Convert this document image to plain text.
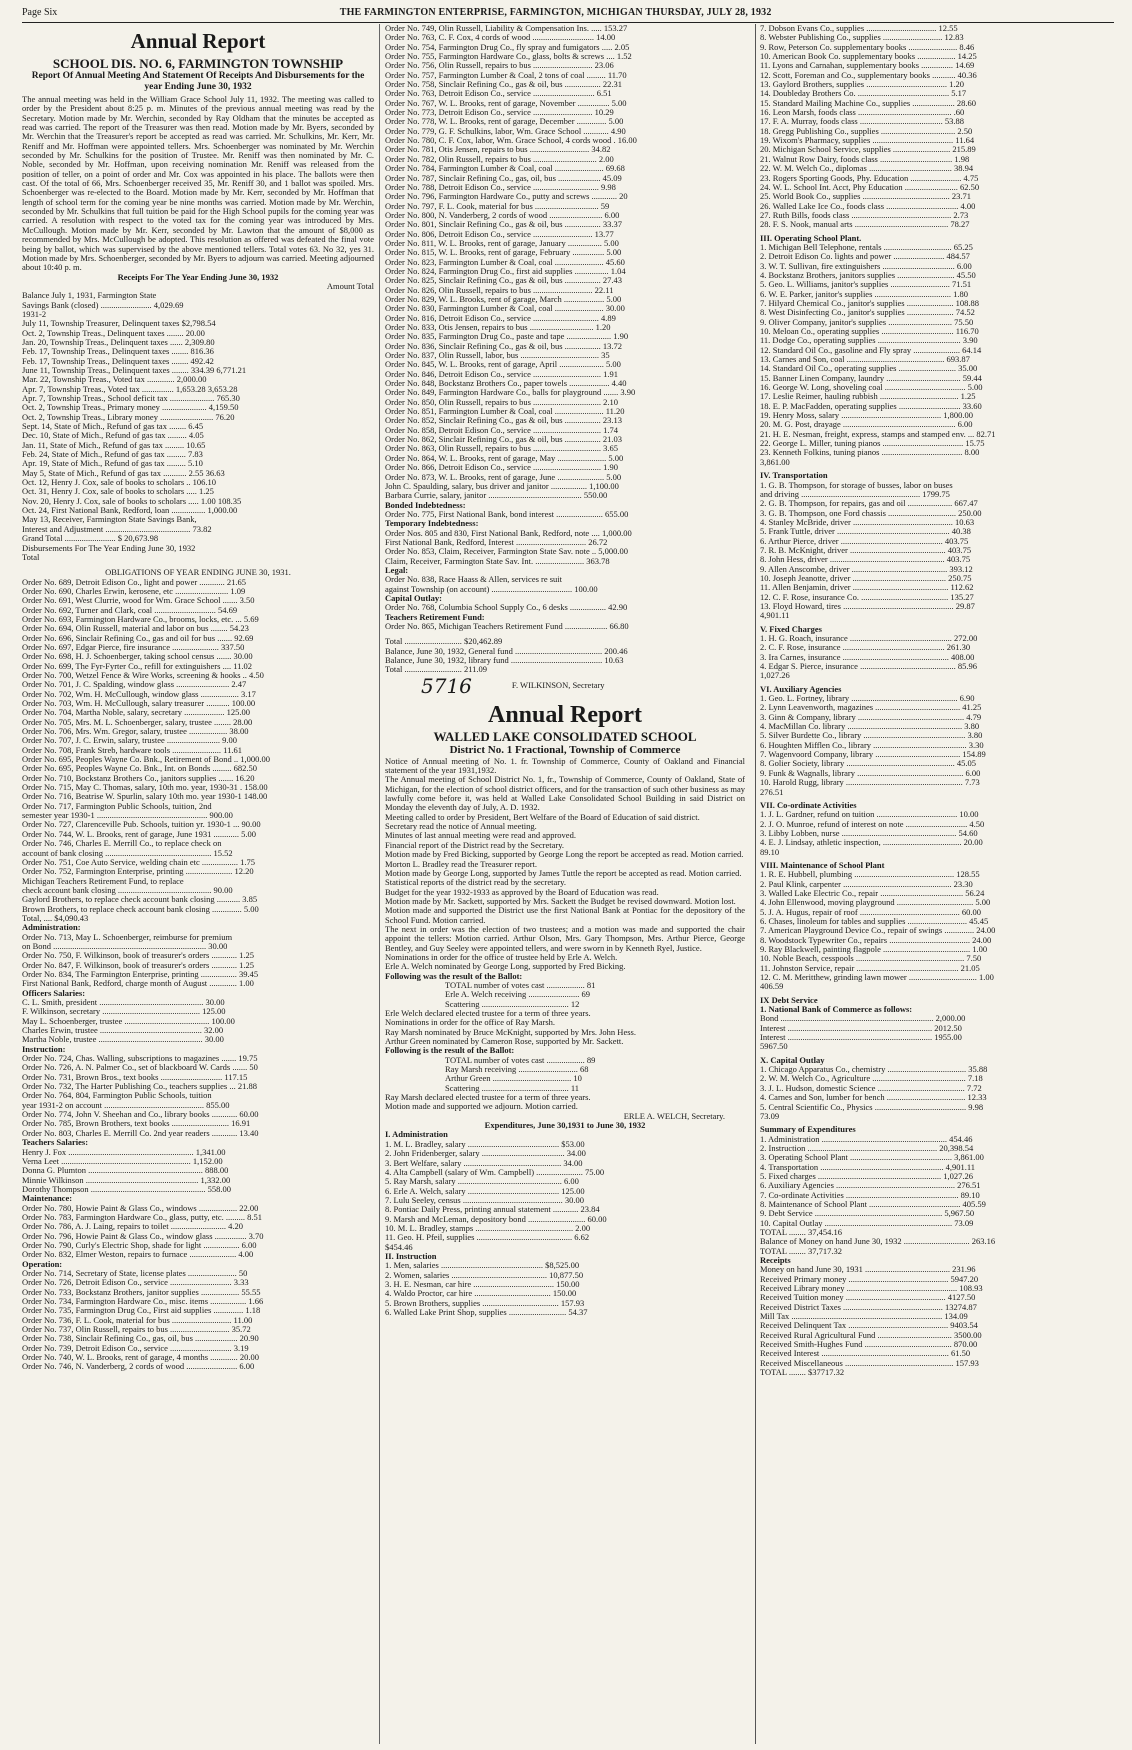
Page Six	THE FARMINGTON ENTERPRISE, FARMINGTON, MICHIGAN THURSDAY, JULY 28, 1932
Annual Report
SCHOOL DIS. NO. 6, FARMINGTON TOWNSHIP
Report Of Annual Meeting And Statement Of Receipts And Disbursements for the year Ending June 30, 1932
The annual meeting was held in the William Grace School July 11, 1932. The meeting was called to order by the President about 8:25 p. m. Minutes of the previous annual meeting was read by the Secretary. Motion made by Mr. Werchin, seconded by Ray Oldham that the minutes be accepted as read was carried. The report of the Treasurer was then read. Motion made by Mr. Byers, seconded by Mr. Werchin that the Treasurer's report be accepted as read was carried. Mr. Schulkins, Mr. Kerr, Mr. Reniff and Mr. Hoffman were appointed tellers. Mrs. Schoenberger was nominated by Mr. Werchin seconded by Mr. Schulkins for the position of Trustee. Mr. Reniff was then nominated by Mr. C. Noble, seconded by Mr. Hoffman, upon receiving nomination Mr. Reniff was released from the position of teller, on a point of order and Mr. Cox was appointed in his place. The ballots were then cast. Of the total of 66, Mrs. Schoenberger received 35, Mr. Reniff 30, and 1 ballot was spoiled. Mrs. Schoenberger was re-elected to the Board. Motion made by Mr. Kerr, seconded by Mr. Hoffman that length of school term for the coming year be nine months was carried. Motion made by Mr. Werchin, seconded by Mr. Schulkins that full tuition be paid for the High School pupils for the coming year was carried. A resolution with respect to the voted tax for the coming year was introduced by Mrs. McCullough. Motion made by Mr. Kerr, seconded by Mr. Lawton that the amount of $8,000 as recommended by Mrs. McCullough be adopted. This resolution as offered was defeated the final vote being by ballot, which was supervised by the above mentioned tellers. Total votes 63. No 32, yes 31. Motion made by Mrs. Schoenberger, seconded by Mr. Byers to adjourn was carried. Meeting adjourned about 10:40 p. m.
Receipts For The Year Ending June 30, 1932
Amount Total
Balance July 1, 1931, Farmington State
Savings Bank (closed) ........................ 4,029.69
1931-2
July 11, Township Treasurer, Delinquent taxes $2,798.54
Oct. 2, Township Treas., Delinquent taxes ........ 20.00
Jan. 20, Township Treas., Delinquent taxes ...... 2,309.80
Feb. 17, Township Treas., Delinquent taxes ........ 816.36
Feb. 17, Township Treas., Delinquent taxes ........ 492.42
June 11, Township Treas., Delinquent taxes ........ 334.39 6,771.21
Mar. 22, Township Treas., Voted tax ............. 2,000.00
Apr. 7, Township Treas., Voted tax ............... 1,653.28 3,653.28
Apr. 7, Township Treas., School deficit tax ..................... 765.30
Oct. 2, Township Treas., Primary money ..................... 4,159.50
Oct. 2, Township Treas., Library money ......................... 76.20
Sept. 14, State of Mich., Refund of gas tax ........ 6.45
Dec. 10, State of Mich., Refund of gas tax ......... 4.05
Jan. 11, State of Mich., Refund of gas tax ......... 10.65
Feb. 24, State of Mich., Refund of gas tax ......... 7.83
Apr. 19, State of Mich., Refund of gas tax ......... 5.10
May 5, State of Mich., Refund of gas tax ........... 2.55 36.63
Oct. 12, Henry J. Cox, sale of books to scholars .. 106.10
Oct. 31, Henry J. Cox, sale of books to scholars ..... 1.25
Nov. 20, Henry J. Cox, sale of books to scholars ..... 1.00 108.35
Oct. 24, First National Bank, Redford, loan ................ 1,000.00
May 13, Receiver, Farmington State Savings Bank,
Interest and Adjustment ........................................ 73.82
Grand Total ........................ $ 20,673.98
Disbursements For The Year Ending June 30, 1932
Total
OBLIGATIONS OF YEAR ENDING JUNE 30, 1931.
Order No. 689, Detroit Edison Co., light and power ............ 21.65
Order No. 690, Charles Erwin, kerosene, etc ......................... 1.09
Order No. 691, West Clurrie, wood for Wm. Grace School ....... 3.50
Order No. 692, Turner and Clark, coal ............................. 54.69
Order No. 693, Farmington Hardware Co., brooms, locks, etc. ... 5.69
Order No. 694, Olin Russell, material and labor on bus ........ 54.23
Order No. 696, Sinclair Refining Co., gas and oil for bus ....... 92.69
Order No. 697, Edgar Pierce, fire insurance ...................... 337.50
Order No. 698, H. J. Schoenberger, taking school census ....... 30.00
Order No. 699, The Fyr-Fyrter Co., refill for extinguishers .... 11.02
Order No. 700, Wetzel Fence & Wire Works, screening & hooks .. 4.50
Order No. 701, J. C. Spalding, window glass ......................... 2.47
Order No. 702, Wm. H. McCullough, window glass .................. 3.17
Order No. 703, Wm. H. McCullough, salary treasurer ........... 100.00
Order No. 704, Martha Noble, salary, secretary ................... 125.00
Order No. 705, Mrs. M. L. Schoenberger, salary, trustee ........ 28.00
Order No. 706, Mrs. Wm. Gregor, salary, trustee .................. 38.00
Order No. 707, J. C. Erwin, salary, trustee ......................... 9.00
Order No. 708, Frank Streb, hardware tools ....................... 11.61
Order No. 695, Peoples Wayne Co. Bnk., Retirement of Bond .. 1,000.00
Order No. 695, Peoples Wayne Co. Bnk., Int. on Bonds ......... 682.50
Order No. 710, Bockstanz Brothers Co., janitors supplies ....... 16.20
Order No. 715, May C. Thomas, salary, 10th mo. year, 1930-31 . 158.00
Order No. 716, Beatrise W. Spurlin, salary 10th mo. year 1930-1 148.00
Order No. 717, Farmington Public Schools, tuition, 2nd
semester year 1930-1 .................................................... 900.00
Order No. 727, Clarenceville Pub. Schools, tuition yr. 1930-1 ... 90.00
Order No. 744, W. L. Brooks, rent of garage, June 1931 ............ 5.00
Order No. 746, Charles E. Merrill Co., to replace check on
account of bank closing .................................................. 15.52
Order No. 751, Coe Auto Service, welding chain etc ................. 1.75
Order No. 752, Farmington Enterprise, printing ...................... 12.20
Michigan Teachers Retirement Fund, to replace
check account bank closing ............................................ 90.00
Gaylord Brothers, to replace check account bank closing ........... 3.85
Brown Brothers, to replace check account bank closing .............. 5.00
Total, .... $4,090.43
Administration:
Order No. 713, May L. Schoenberger, reimburse for premium
on Bond ........................................................................ 30.00
Order No. 750, F. Wilkinson, book of treasurer's orders ............ 1.25
Order No. 847, F. Wilkinson, book of treasurer's orders ............ 1.25
Order No. 834, The Farmington Enterprise, printing ................. 39.45
First National Bank, Redford, charge month of August ............. 1.00
Officers Salaries:
C. L. Smith, president ................................................. 30.00
F. Wilkinson, secretary .............................................. 125.00
May L. Schoenberger, trustee ........................................ 100.00
Charles Erwin, trustee ................................................ 32.00
Martha Noble, trustee ................................................. 30.00
Instruction:
Order No. 724, Chas. Walling, subscriptions to magazines ....... 19.75
Order No. 726, A. N. Palmer Co., set of blackboard W. Cards ....... 50
Order No. 731, Brown Bros., text books ............................. 117.15
Order No. 732, The Harter Publishing Co., teachers supplies ... 21.88
Order No. 764, 804, Farmington Public Schools, tuition
year 1931-2 on account ............................................... 855.00
Order No. 774, John V. Sheehan and Co., library books ............ 60.00
Order No. 785, Brown Brothers, text books ........................... 16.91
Order No. 803, Charles E. Merrill Co. 2nd year readers ............ 13.40
Teachers Salaries:
Henry J. Fox ........................................................... 1,341.00
Verna Leet ............................................................. 1,152.00
Donna G. Plumton ...................................................... 888.00
Minnie Wilkinson ..................................................... 1,332.00
Dorothy Thompson ...................................................... 558.00
Maintenance:
Order No. 780, Howie Paint & Glass Co., windows .................. 22.00
Order No. 783, Farmington Hardware Co., glass, putty, etc. ......... 8.51
Order No. 786, A. J. Laing, repairs to toilet .......................... 4.20
Order No. 796, Howie Paint & Glass Co., window glass ............... 3.70
Order No. 790, Curly's Electric Shop, shade for light ................. 6.00
Order No. 832, Elmer Weston, repairs to furnace ...................... 4.00
Operation:
Order No. 714, Secretary of State, license plates ....................... 50
Order No. 726, Detroit Edison Co., service ............................. 3.33
Order No. 733, Bockstanz Brothers, janitor supplies .................. 55.55
Order No. 734, Farmington Hardware Co., misc. items ................. 1.66
Order No. 735, Farmington Drug Co., First aid supplies .............. 1.18
Order No. 736, F. L. Cook, material for bus ............................ 11.00
Order No. 737, Olin Russell, repairs to bus ............................ 35.72
Order No. 738, Sinclair Refining Co., gas, oil, bus .................... 20.90
Order No. 739, Detroit Edison Co., service ............................. 3.19
Order No. 740, W. L. Brooks, rent of garage, 4 months ............. 20.00
Order No. 746, N. Vanderberg, 2 cords of wood ........................ 6.00
Order No. 749, Olin Russell, Liability & Compensation Ins. ..... 153.27
Order No. 763, C. F. Cox, 4 cords of wood ............................. 14.00
Order No. 754, Farmington Drug Co., fly spray and fumigators ..... 2.05
Order No. 755, Farmington Hardware Co., glass, bolts & screws .... 1.52
Order No. 756, Olin Russell, repairs to bus ............................ 23.06
Order No. 757, Farmington Lumber & Coal, 2 tons of coal ......... 11.70
Order No. 758, Sinclair Refining Co., gas & oil, bus ................. 22.31
Order No. 763, Detroit Edison Co., service ............................. 6.51
Order No. 767, W. L. Brooks, rent of garage, November ............... 5.00
Order No. 773, Detroit Edison Co., service ............................ 10.29
Order No. 778, W. L. Brooks, rent of garage, December .............. 5.00
Order No. 779, G. F. Schulkins, labor, Wm. Grace School ............ 4.90
Order No. 780, C. F. Cox, labor, Wm. Grace School, 4 cords wood . 16.00
Order No. 781, Otis Jensen, repairs to bus ............................ 34.82
Order No. 782, Olin Russell, repairs to bus .............................. 2.00
Order No. 784, Farmington Lumber & Coal, coal ....................... 69.68
Order No. 787, Sinclair Refining Co., gas, oil, bus .................... 45.09
Order No. 788, Detroit Edison Co., service ............................... 9.98
Order No. 796, Farmington Hardware Co., putty and screws ............ 20
Order No. 797, F. L. Cook, material for bus .............................. 59
Order No. 800, N. Vanderberg, 2 cords of wood ......................... 6.00
Order No. 801, Sinclair Refining Co., gas & oil, bus ................. 33.37
Order No. 806, Detroit Edison Co., service ............................ 13.77
Order No. 811, W. L. Brooks, rent of garage, January ................ 5.00
Order No. 815, W. L. Brooks, rent of garage, February ............... 5.00
Order No. 823, Farmington Lumber & Coal, coal ....................... 45.60
Order No. 824, Farmington Drug Co., first aid supplies ................ 1.04
Order No. 825, Sinclair Refining Co., gas & oil, bus ................. 27.43
Order No. 826, Olin Russell, repairs to bus ............................ 22.11
Order No. 829, W. L. Brooks, rent of garage, March ................... 5.00
Order No. 830, Farmington Lumber & Coal, coal ....................... 30.00
Order No. 816, Detroit Edison Co., service ............................... 4.89
Order No. 833, Otis Jensen, repairs to bus .............................. 1.20
Order No. 835, Farmington Drug Co., paste and tape ..................... 1.90
Order No. 836, Sinclair Refining Co., gas & oil, bus ................. 13.72
Order No. 837, Olin Russell, labor, bus ..................................... 35
Order No. 845, W. L. Brooks, rent of garage, April ..................... 5.00
Order No. 846, Detroit Edison Co., service ................................ 1.91
Order No. 848, Bockstanz Brothers Co., paper towels ................... 4.40
Order No. 849, Farmington Hardware Co., balls for playground ....... 3.90
Order No. 850, Olin Russell, repairs to bus ................................ 2.10
Order No. 851, Farmington Lumber & Coal, coal ....................... 11.20
Order No. 852, Sinclair Refining Co., gas & oil, bus ................. 23.13
Order No. 858, Detroit Edison Co., service ................................ 1.74
Order No. 862, Sinclair Refining Co., gas & oil, bus ................. 21.03
Order No. 863, Olin Russell, repairs to bus ................................ 3.65
Order No. 864, W. L. Brooks, rent of garage, May ....................... 5.00
Order No. 866, Detroit Edison Co., service ................................ 1.90
Order No. 873, W. L. Brooks, rent of garage, June ...................... 5.00
John C. Spaulding, salary, bus driver and janitor ................. 1,100.00
Barbara Currie, salary, janitor ............................................ 550.00
Bonded Indebtedness:
Order No. 775, First National Bank, bond interest ...................... 655.00
Temporary Indebtedness:
Order Nos. 805 and 830, First National Bank, Redford, note .... 1,000.00
First National Bank, Redford, Interest ................................. 26.72
Order No. 853, Claim, Receiver, Farmington State Sav. note .. 5,000.00
Claim, Receiver, Farmington State Sav. Int. ....................... 363.78
Legal:
Order No. 838, Race Haass & Allen, services re suit
against Township (on account) ...................................... 100.00
Capital Outlay:
Order No. 768, Columbia School Supply Co., 6 desks ................. 42.90
Teachers Retirement Fund:
Order No. 865, Michigan Teachers Retirement Fund .................... 66.80
Total ........................... $20,462.89
Balance, June 30, 1932, General fund ......................................... 200.46
Balance, June 30, 1932, library fund ........................................... 10.63
Total ........................... 211.09
5716	F. WILKINSON, Secretary
Annual Report
WALLED LAKE CONSOLIDATED SCHOOL
District No. 1 Fractional, Township of Commerce
Notice of Annual meeting of No. 1. fr. Township of Commerce, County of Oakland and Financial statement of the year 1931,1932.
The Annual meeting of School District No. 1, fr., Township of Commerce, County of Oakland, State of Michigan, for the election of school district officers, and for the transaction of such other business as may lawfully come before it, was held at Walled Lake Consolidated School Building in said District on Monday the eleventh day of July, A. D. 1932.
Meeting called to order by President, Bert Welfare of the Board of Education of said district.
Secretary read the notice of Annual meeting.
Minutes of last annual meeting were read and approved.
Financial report of the District read by the Secretary.
Motion made by Fred Bicking, supported by George Long the report be accepted as read. Motion carried.
Morton L. Bradley read the Treasurer report.
Motion made by George Long, supported by James Tuttle the report be accepted as read. Motion carried.
Statistical reports of the district read by the secretary.
Budget for the year 1932-1933 as approved by the Board of Education was read.
Motion made by Mr. Sackett, supported by Mrs. Sackett the Budget be revised downward. Motion lost.
Motion made and supported the District use the first National Bank at Pontiac for the depository of the School Fund. Motion carried.
The next in order was the election of two trustees; and a motion was made and supported the chair appoint the tellers: Motion carried. Arthur Olson, Mrs. Gary Thompson, Mrs. Arthur Pierce, George Bentley, and Guy Seeley were appointed tellers, and were sworn in by Kenneth Ryel, Justice.
Nominations in order for the office of trustee held by Erle A. Welch.
Erle A. Welch nominated by George Long, supported by Fred Bicking.
Following was the result of the Ballot:
TOTAL number of votes cast .................. 81
Erle A. Welch receiving ........................ 69
Scattering ......................................... 12
Erle Welch declared elected trustee for a term of three years.
Nominations in order for the office of Ray Marsh.
Ray Marsh nominated by Bruce McKnight, supported by Mrs. John Hess.
Arthur Green nominated by Cameron Rose, supported by Mr. Sackett.
Following is the result of the Ballot:
TOTAL number of votes cast .................. 89
Ray Marsh receiving ............................ 68
Arthur Green ..................................... 10
Scattering ......................................... 11
Ray Marsh declared elected trustee for a term of three years.
Motion made and supported we adjourn. Motion carried.
ERLE A. WELCH, Secretary.
Expenditures, June 30,1931 to June 30, 1932
I. Administration
1. M. L. Bradley, salary ........................................... $53.00
2. John Fridenberger, salary ....................................... 34.00
3. Bert Welfare, salary .............................................. 34.00
4. Alta Campbell (salary of Wm. Campbell) ...................... 75.00
5. Ray Marsh, salary ................................................. 6.00
6. Erle A. Welch, salary ........................................... 125.00
7. Lulu Seeley, census ............................................... 30.00
8. Pontiac Daily Press, printing annual statement ............ 23.84
9. Marsh and McLeman, depository bond ........................... 60.00
10. M. L. Bradley, stamps .............................................. 2.00
11. Geo. H. Pfeil, supplies ............................................. 6.62
$454.46
II. Instruction
1. Men, salaries ................................................ $8,525.00
2. Women, salaries ............................................. 10,877.50
3. H. E. Nesman, car hire ...................................... 150.00
4. Waldo Proctor, car hire .................................... 150.00
5. Brown Brothers, supplies .................................... 157.93
6. Walled Lake Print Shop, supplies ........................... 54.37
7. Dobson Evans Co., supplies ................................. 12.55
8. Webster Publishing Co., supplies ............................ 12.83
9. Row, Peterson Co. supplementary books ....................... 8.46
10. American Book Co. supplementary books .................. 14.25
11. Lyons and Carnahan, supplementary books ............... 14.69
12. Scott, Foreman and Co., supplementary books ........... 40.36
13. Gaylord Brothers, supplies ...................................... 1.20
14. Doubleday Brothers Co. ........................................... 5.17
15. Standard Mailing Machine Co., supplies .................... 28.60
16. Leon Marsh, foods class ............................................ .60
17. F. A. Murray, foods class ....................................... 53.88
18. Gregg Publishing Co., supplies ................................... 2.50
19. Wixom's Pharmacy, supplies ...................................... 11.64
20. Michigan School Service, supplies ........................... 215.89
21. Walnut Row Dairy, foods class .................................. 1.98
22. W. M. Welch Co., diplomas ....................................... 38.94
23. Rogers Sporting Goods, Phy. Education ........................ 4.75
24. W. L. School Int. Acct, Phy Education ......................... 62.50
25. World Book Co., supplies ......................................... 23.71
26. Walled Lake Ice Co., foods class .................................. 4.00
27. Ruth Bills, foods class ............................................... 2.73
28. F. S. Nook, manual arts ............................................ 78.27
III. Operating School Plant.
1. Michigan Bell Telephone, rentals ................................ 65.25
2. Detroit Edison Co. lights and power ........................ 484.57
3. W. T. Sullivan, fire extinguishers .................................. 6.00
4. Bockstanz Brothers, janitors supplies ........................... 45.50
5. Geo. L. Williams, janitor's supplies ............................ 71.51
6. W. E. Parker, janitor's supplies .................................... 1.80
7. Hilyard Chemical Co., janitor's supplies ...................... 108.88
8. West Disinfecting Co., janitor's supplies ...................... 74.52
9. Oliver Company, janitor's supplies .............................. 75.50
10. Meloan Co., operating supplies .................................. 116.70
11. Dodge Co., operating supplies ....................................... 3.90
12. Standard Oil Co., gasoline and Fly spray ...................... 64.14
13. Carnes and Son, coal .............................................. 693.87
14. Standard Oil Co., operating supplies ........................... 35.00
15. Banner Linen Company, laundry ................................... 59.44
16. George W. Long, shoveling coal ...................................... 5.00
17. Leslie Reimer, hauling rubbish ..................................... 1.25
18. E. P. MacFadden, operating supplies ............................. 33.60
19. Henry Moss, salary ............................................... 1,800.00
20. M. G. Post, drayage ..................................................... 6.00
21. H. E. Nesman, freight, express, stamps and stamped env. ... 82.71
22. George L. Miller, tuning pianos ...................................... 15.75
23. Kenneth Folkins, tuning pianos ...................................... 8.00
3,861.00
IV. Transportation
1. G. B. Thompson, for storage of busses, labor on buses
and driving ........................................................ 1799.75
2. G. B. Thompson, for repairs, gas and oil ..................... 667.47
3. G. B. Thompson, one Ford chassis ................................ 250.00
4. Stanley McBride, driver ............................................... 10.63
5. Frank Tuttle, driver ..................................................... 40.38
6. Arthur Pierce, driver ................................................ 403.75
7. R. B. McKnight, driver ............................................. 403.75
8. John Hess, driver ...................................................... 403.75
9. Allen Anscombe, driver ............................................. 393.12
10. Joseph Jeanotte, driver ............................................ 250.75
11. Allen Benjamin, driver ............................................. 112.62
12. C. F. Rose, insurance Co. ......................................... 135.27
13. Floyd Howard, tires .................................................... 29.87
4,901.11
V. Fixed Charges
1. H. G. Roach, insurance ................................................ 272.00
2. C. F. Rose, insurance ................................................ 261.30
3. Ira Carnes, insurance .................................................. 408.00
4. Edgar S. Pierce, insurance ............................................. 85.96
1,027.26
VI. Auxiliary Agencies
1. Geo. L. Fortney, library .................................................. 6.90
2. Lynn Leavenworth, magazines ........................................ 41.25
3. Ginn & Company, library .................................................. 4.79
4. MacMillan Co. library ...................................................... 3.80
5. Silver Burdette Co., library ................................................ 3.80
6. Houghten Mifflen Co., library ............................................ 3.30
7. Wagenvoord Company, library ........................................ 154.89
8. Golier Society, library ................................................... 45.05
9. Funk & Wagnalls, library .................................................. 6.00
10. Harold Rugg, library ....................................................... 7.73
276.51
VII. Co-ordinate Activities
1. J. L. Gardner, refund on tuition ...................................... 10.00
2. J. O. Munroe, refund of interest on note ............................. 4.50
3. Libby Lobben, nurse ...................................................... 54.60
4. E. J. Lindsay, athletic inspection, ..................................... 20.00
89.10
VIII. Maintenance of School Plant
1. R. E. Hubbell, plumbing ............................................... 128.55
2. Paul Klink, carpenter ................................................... 23.30
3. Walled Lake Electric Co., repair ....................................... 56.24
4. John Ellenwood, moving playground .................................... 5.00
5. J. A. Hugus, repair of roof ............................................... 60.00
6. Chases, linoleum for tables and supplies ............................ 45.45
7. American Playground Device Co., repair of swings .............. 24.00
8. Woodstock Typewriter Co., repairs ...................................... 24.00
9. Ray Blackwell, painting flagpole ......................................... 1.00
10. Noble Beach, cesspools ................................................... 7.50
11. Johnston Service, repair ................................................ 21.05
12. C. M. Meritthew, grinding lawn mower ................................ 1.00
406.59
IX Debt Service
1. National Bank of Commerce as follows:
Bond ........................................................................ 2,000.00
Interest .................................................................... 2012.50
Interest .................................................................... 1955.00
5967.50
X. Capital Outlay
1. Chicago Apparatus Co., chemistry ..................................... 35.88
2. W. M. Welch Co., Agriculture ............................................ 7.18
3. J. L. Hudson, domestic Science ......................................... 7.72
4. Carnes and Son, lumber for bench ..................................... 12.33
5. Central Scientific Co., Physics ........................................... 9.98
73.09
Summary of Expenditures
1. Administration ........................................................... 454.46
2. Instruction ............................................................. 20,398.54
3. Operating School Plant ................................................ 3,861.00
4. Transportation .......................................................... 4,901.11
5. Fixed charges .......................................................... 1,027.26
6. Auxiliary Agencies ........................................................ 276.51
7. Co-ordinate Activities ..................................................... 89.10
8. Maintenance of School Plant ........................................... 405.59
9. Debt Service ............................................................ 5,967.50
10. Capital Outlay ............................................................ 73.09
TOTAL ........ 37,454.16
Balance of Money on hand June 30, 1932 ............................... 263.16
TOTAL ........ 37,717.32
Receipts
Money on hand June 30, 1931 ........................................ 231.96
Received Primary money ............................................... 5947.20
Received Library money .................................................... 108.93
Received Tuition money ............................................... 4127.50
Received District Taxes ............................................... 13274.87
Mill Tax ....................................................................... 134.09
Received Delinquent Tax ............................................... 9403.54
Received Rural Agricultural Fund ................................... 3500.00
Received Smith-Hughes Fund ......................................... 870.00
Received Interest ............................................................ 61.50
Received Miscellaneous ................................................... 157.93
TOTAL ........ $37717.32
